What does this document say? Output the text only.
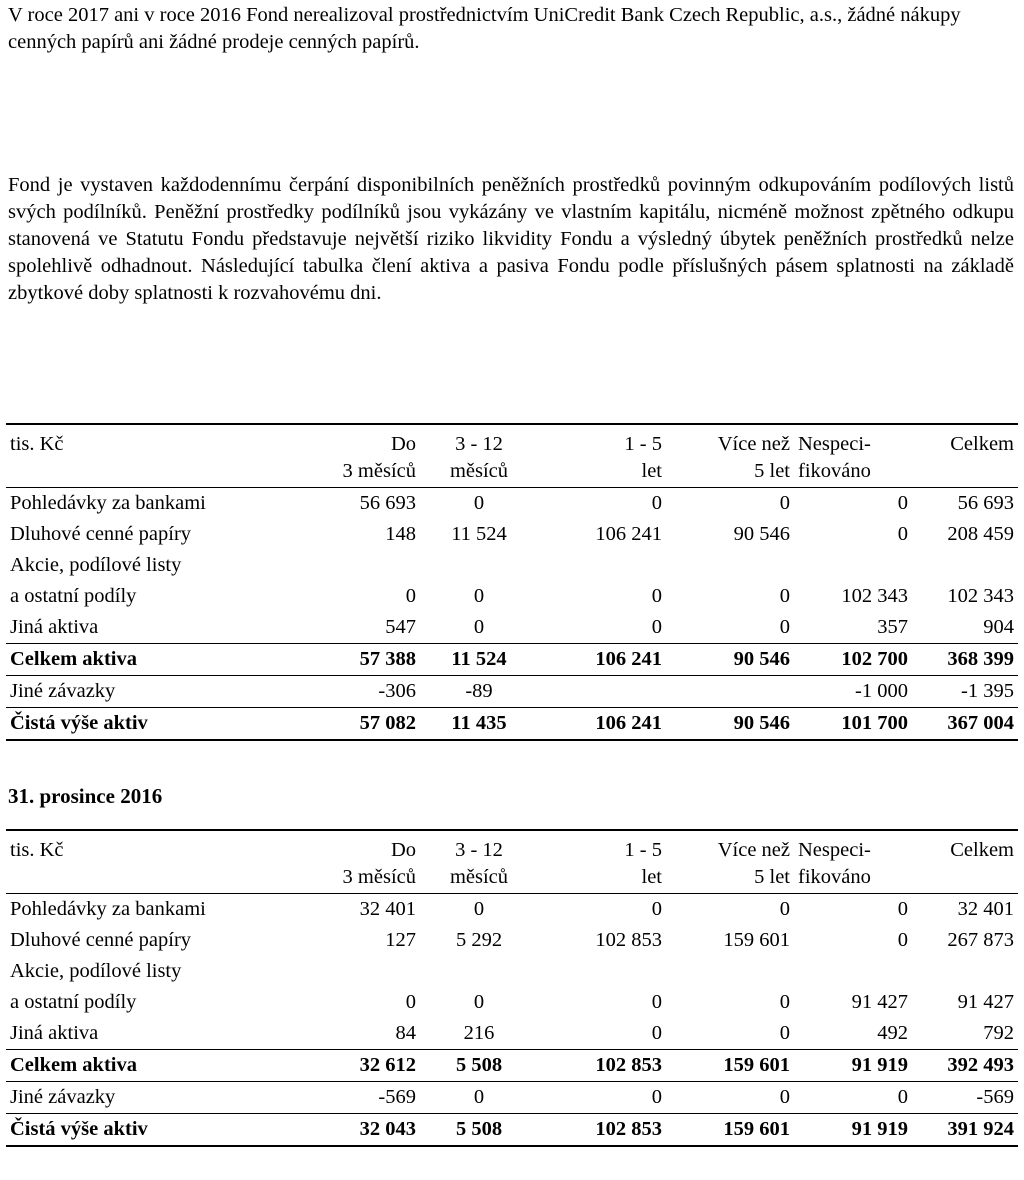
V roce 2017 ani v roce 2016 Fond nerealizoval prostřednictvím UniCredit Bank Czech Republic, a.s., žádné nákupy cenných papírů ani žádné prodeje cenných papírů.

Fond je vystaven každodennímu čerpání disponibilních peněžních prostředků povinným odkupováním podílových listů svých podílníků. Peněžní prostředky podílníků jsou vykázány ve vlastním kapitálu, nicméně možnost zpětného odkupu stanovená ve Statutu Fondu představuje největší riziko likvidity Fondu a výsledný úbytek peněžních prostředků nelze spolehlivě odhadnout. Následující tabulka člení aktiva a pasiva Fondu podle příslušných pásem splatnosti na základě zbytkové doby splatnosti k rozvahovému dni.

tis. Kč	Do	3 - 12	1 - 5	Více než	Nespeci-	Celkem
	3 měsíců	měsíců	let	5 let	fikováno	
Pohledávky za bankami	56 693	0	0	0	0	56 693
Dluhové cenné papíry	148	11 524	106 241	90 546	0	208 459
Akcie, podílové listy						
a ostatní podíly	0	0	0	0	102 343	102 343
Jiná aktiva	547	0	0	0	357	904
Celkem aktiva	57 388	11 524	106 241	90 546	102 700	368 399
Jiné závazky	-306	-89			-1 000	-1 395
Čistá výše aktiv	57 082	11 435	106 241	90 546	101 700	367 004

31. prosince 2016

tis. Kč	Do	3 - 12	1 - 5	Více než	Nespeci-	Celkem
	3 měsíců	měsíců	let	5 let	fikováno	
Pohledávky za bankami	32 401	0	0	0	0	32 401
Dluhové cenné papíry	127	5 292	102 853	159 601	0	267 873
Akcie, podílové listy						
a ostatní podíly	0	0	0	0	91 427	91 427
Jiná aktiva	84	216	0	0	492	792
Celkem aktiva	32 612	5 508	102 853	159 601	91 919	392 493
Jiné závazky	-569	0	0	0	0	-569
Čistá výše aktiv	32 043	5 508	102 853	159 601	91 919	391 924
